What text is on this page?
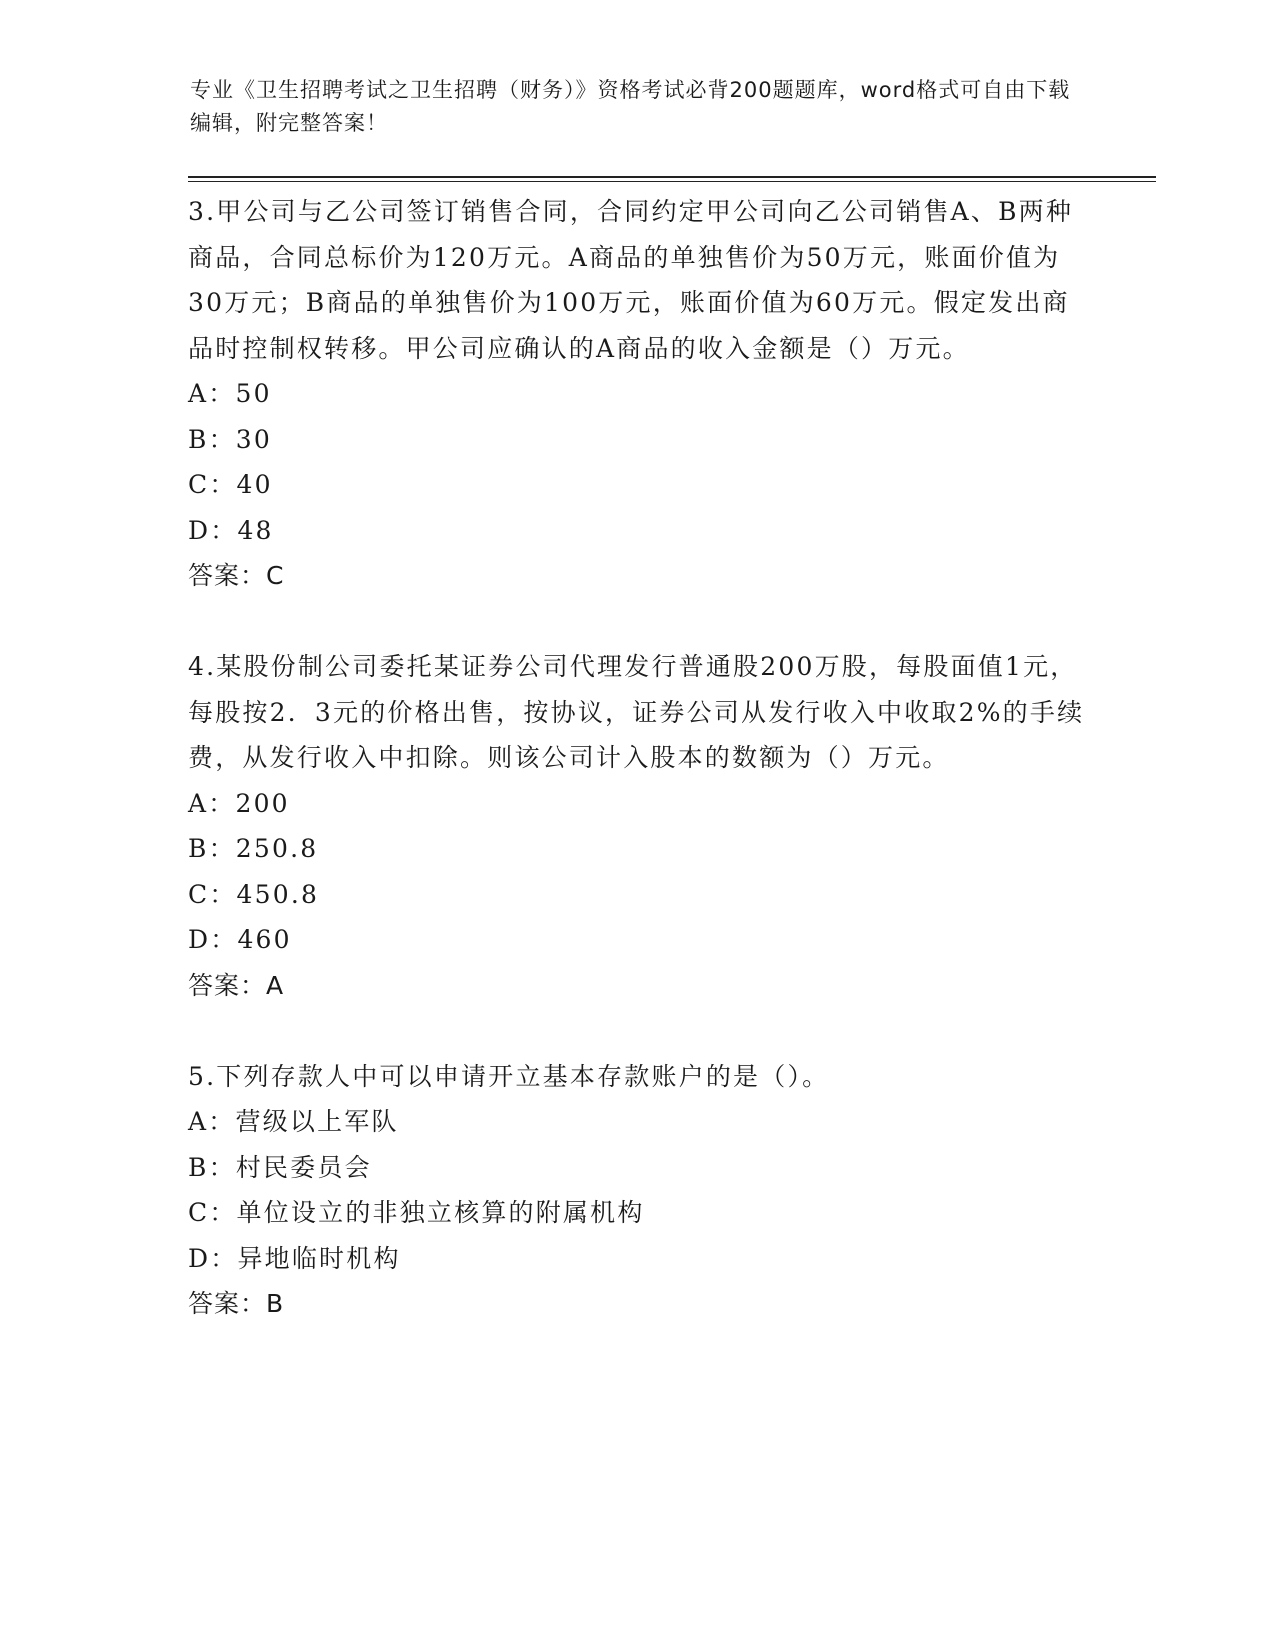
专业《卫生招聘考试之卫生招聘（财务）》资格考试必背200题题库，word格式可自由下载编辑，附完整答案！

3.甲公司与乙公司签订销售合同，合同约定甲公司向乙公司销售A、B两种商品，合同总标价为120万元。A商品的单独售价为50万元，账面价值为30万元；B商品的单独售价为100万元，账面价值为60万元。假定发出商品时控制权转移。甲公司应确认的A商品的收入金额是（）万元。

A： 50

B： 30

C： 40

D： 48

答案：C

4.某股份制公司委托某证券公司代理发行普通股200万股，每股面值1元，每股按2．3元的价格出售，按协议，证券公司从发行收入中收取2%的手续费，从发行收入中扣除。则该公司计入股本的数额为（）万元。

A： 200

B： 250.8

C： 450.8

D： 460

答案：A

5.下列存款人中可以申请开立基本存款账户的是（）。

A： 营级以上军队

B： 村民委员会

C： 单位设立的非独立核算的附属机构

D： 异地临时机构

答案：B
